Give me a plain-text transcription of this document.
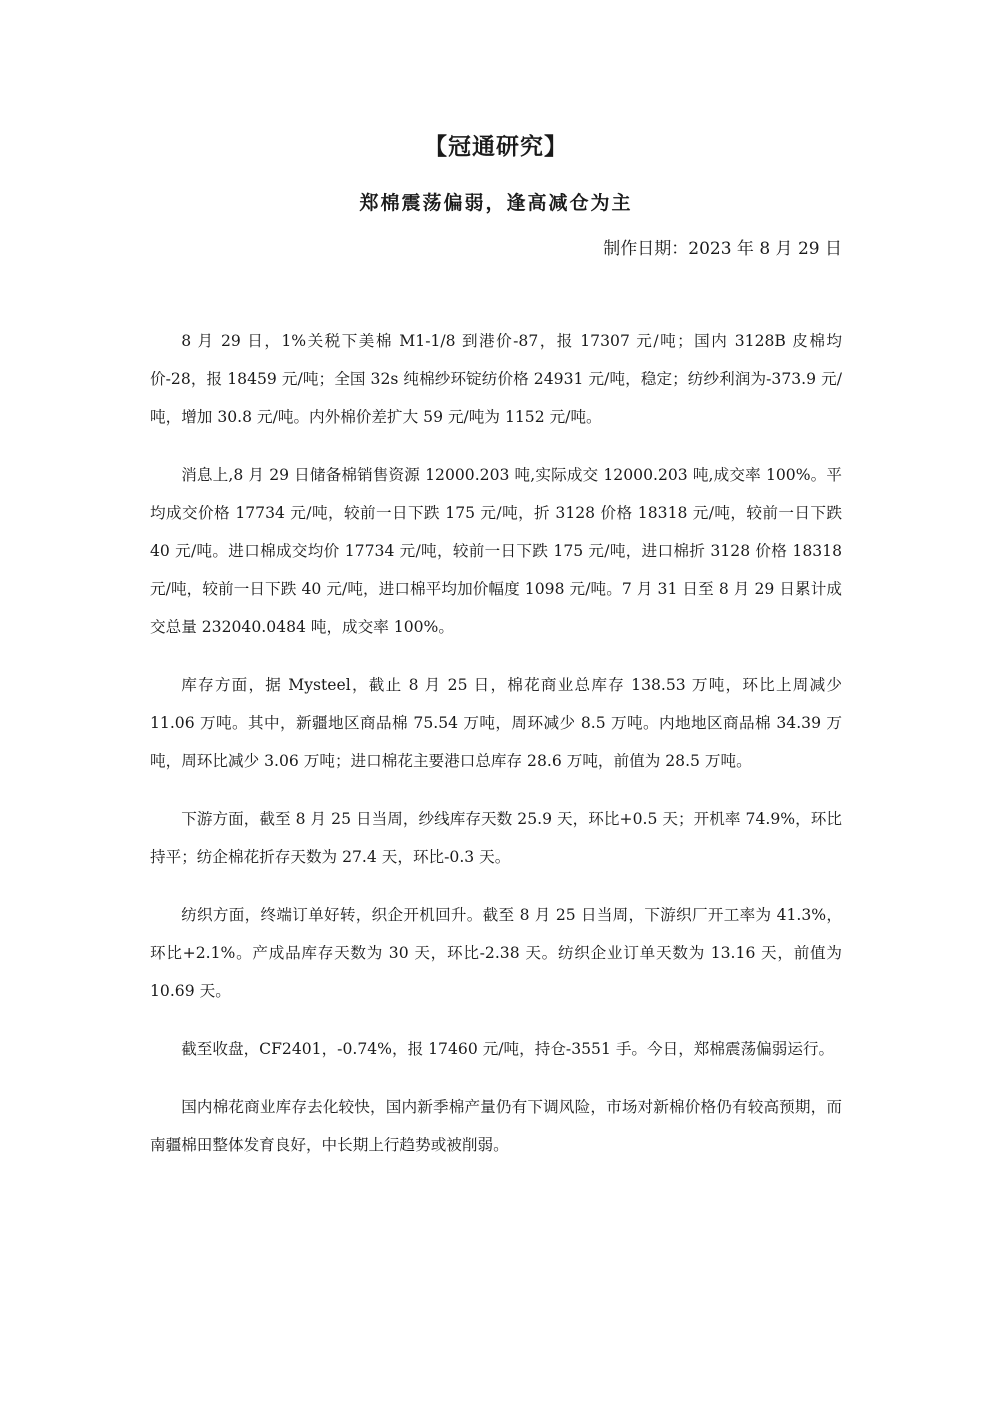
【冠通研究】
郑棉震荡偏弱，逢高减仓为主
制作日期：2023 年 8 月 29 日

8 月 29 日，1%关税下美棉 M1-1/8 到港价-87，报 17307 元/吨；国内 3128B 皮棉均价-28，报 18459 元/吨；全国 32s 纯棉纱环锭纺价格 24931 元/吨，稳定；纺纱利润为-373.9 元/吨，增加 30.8 元/吨。内外棉价差扩大 59 元/吨为 1152 元/吨。

消息上,8 月 29 日储备棉销售资源 12000.203 吨,实际成交 12000.203 吨,成交率 100%。平均成交价格 17734 元/吨，较前一日下跌 175 元/吨，折 3128 价格 18318 元/吨，较前一日下跌 40 元/吨。进口棉成交均价 17734 元/吨，较前一日下跌 175 元/吨，进口棉折 3128 价格 18318 元/吨，较前一日下跌 40 元/吨，进口棉平均加价幅度 1098 元/吨。7 月 31 日至 8 月 29 日累计成交总量 232040.0484 吨，成交率 100%。

库存方面，据 Mysteel，截止 8 月 25 日，棉花商业总库存 138.53 万吨，环比上周减少 11.06 万吨。其中，新疆地区商品棉 75.54 万吨，周环减少 8.5 万吨。内地地区商品棉 34.39 万吨，周环比减少 3.06 万吨；进口棉花主要港口总库存 28.6 万吨，前值为 28.5 万吨。

下游方面，截至 8 月 25 日当周，纱线库存天数 25.9 天，环比+0.5 天；开机率 74.9%，环比持平；纺企棉花折存天数为 27.4 天，环比-0.3 天。

纺织方面，终端订单好转，织企开机回升。截至 8 月 25 日当周，下游织厂开工率为 41.3%，环比+2.1%。产成品库存天数为 30 天，环比-2.38 天。纺织企业订单天数为 13.16 天，前值为 10.69 天。

截至收盘，CF2401，-0.74%，报 17460 元/吨，持仓-3551 手。今日，郑棉震荡偏弱运行。

国内棉花商业库存去化较快，国内新季棉产量仍有下调风险，市场对新棉价格仍有较高预期，而南疆棉田整体发育良好，中长期上行趋势或被削弱。
